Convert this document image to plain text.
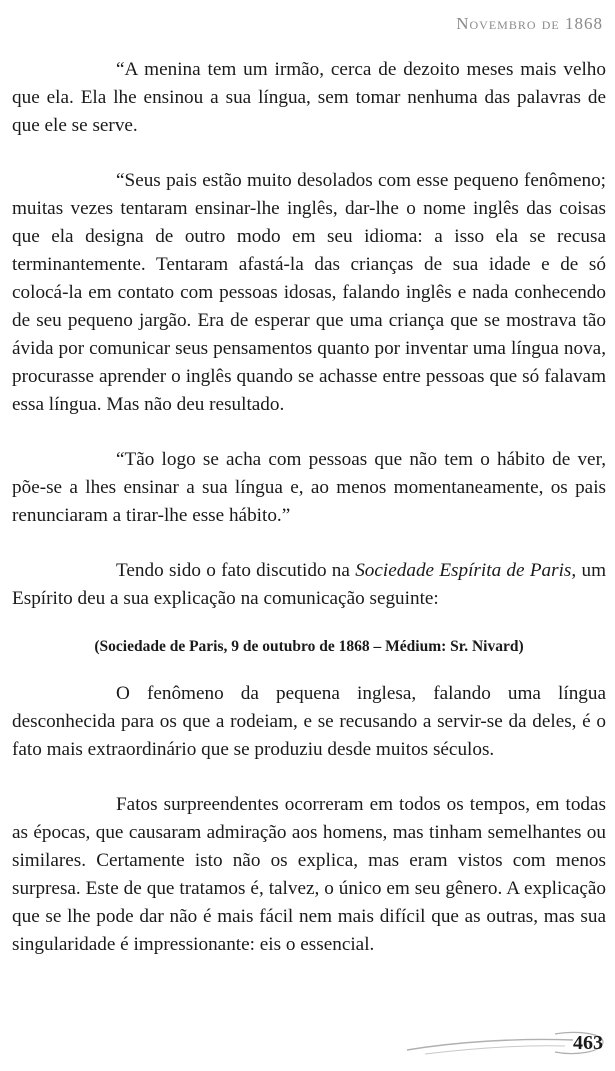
Novembro de 1868

“A menina tem um irmão, cerca de dezoito meses mais velho que ela. Ela lhe ensinou a sua língua, sem tomar nenhuma das palavras de que ele se serve.

“Seus pais estão muito desolados com esse pequeno fenômeno; muitas vezes tentaram ensinar-lhe inglês, dar-lhe o nome inglês das coisas que ela designa de outro modo em seu idioma: a isso ela se recusa terminantemente. Tentaram afastá-la das crianças de sua idade e de só colocá-la em contato com pessoas idosas, falando inglês e nada conhecendo de seu pequeno jargão. Era de esperar que uma criança que se mostrava tão ávida por comunicar seus pensamentos quanto por inventar uma língua nova, procurasse aprender o inglês quando se achasse entre pessoas que só falavam essa língua. Mas não deu resultado.

“Tão logo se acha com pessoas que não tem o hábito de ver, põe-se a lhes ensinar a sua língua e, ao menos momentaneamente, os pais renunciaram a tirar-lhe esse hábito.”

Tendo sido o fato discutido na Sociedade Espírita de Paris, um Espírito deu a sua explicação na comunicação seguinte:

(Sociedade de Paris, 9 de outubro de 1868 – Médium: Sr. Nivard)

O fenômeno da pequena inglesa, falando uma língua desconhecida para os que a rodeiam, e se recusando a servir-se da deles, é o fato mais extraordinário que se produziu desde muitos séculos.

Fatos surpreendentes ocorreram em todos os tempos, em todas as épocas, que causaram admiração aos homens, mas tinham semelhantes ou similares. Certamente isto não os explica, mas eram vistos com menos surpresa. Este de que tratamos é, talvez, o único em seu gênero. A explicação que se lhe pode dar não é mais fácil nem mais difícil que as outras, mas sua singularidade é impressionante: eis o essencial.

463
